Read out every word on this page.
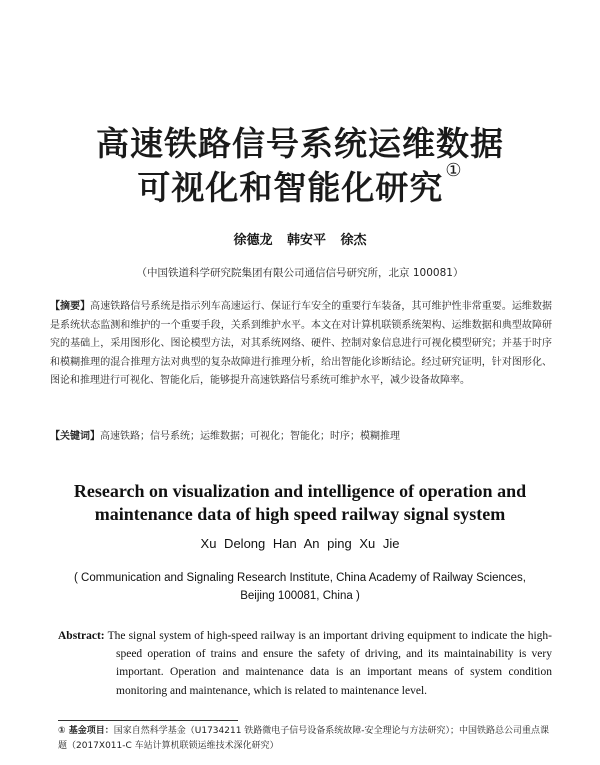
高速铁路信号系统运维数据
可视化和智能化研究 ①
徐德龙 韩安平 徐杰
（中国铁道科学研究院集团有限公司通信信号研究所，北京 100081）

【摘要】高速铁路信号系统是指示列车高速运行、保证行车安全的重要行车装备，其可维护性非常重要。运维数据是系统状态监测和维护的一个重要手段，关系到维护水平。本文在对计算机联锁系统架构、运维数据和典型故障研究的基础上，采用图形化、图论模型方法，对其系统网络、硬件、控制对象信息进行可视化模型研究；并基于时序和模糊推理的混合推理方法对典型的复杂故障进行推理分析，给出智能化诊断结论。经过研究证明，针对图形化、图论和推理进行可视化、智能化后，能够提升高速铁路信号系统可维护水平，减少设备故障率。

【关键词】高速铁路；信号系统；运维数据；可视化；智能化；时序；模糊推理

Research on visualization and intelligence of operation and
maintenance data of high speed railway signal system
Xu Delong Han An ping Xu Jie
( Communication and Signaling Research Institute, China Academy of Railway Sciences,
Beijing 100081, China )

Abstract: The signal system of high-speed railway is an important driving equipment to indicate the high-speed operation of trains and ensure the safety of driving, and its maintainability is very important. Operation and maintenance data is an important means of system condition monitoring and maintenance, which is related to maintenance level.

① 基金项目：国家自然科学基金（U1734211 铁路微电子信号设备系统故障-安全理论与方法研究）；中国铁路总公司重点课题（2017X011-C 车站计算机联锁运维技术深化研究）
